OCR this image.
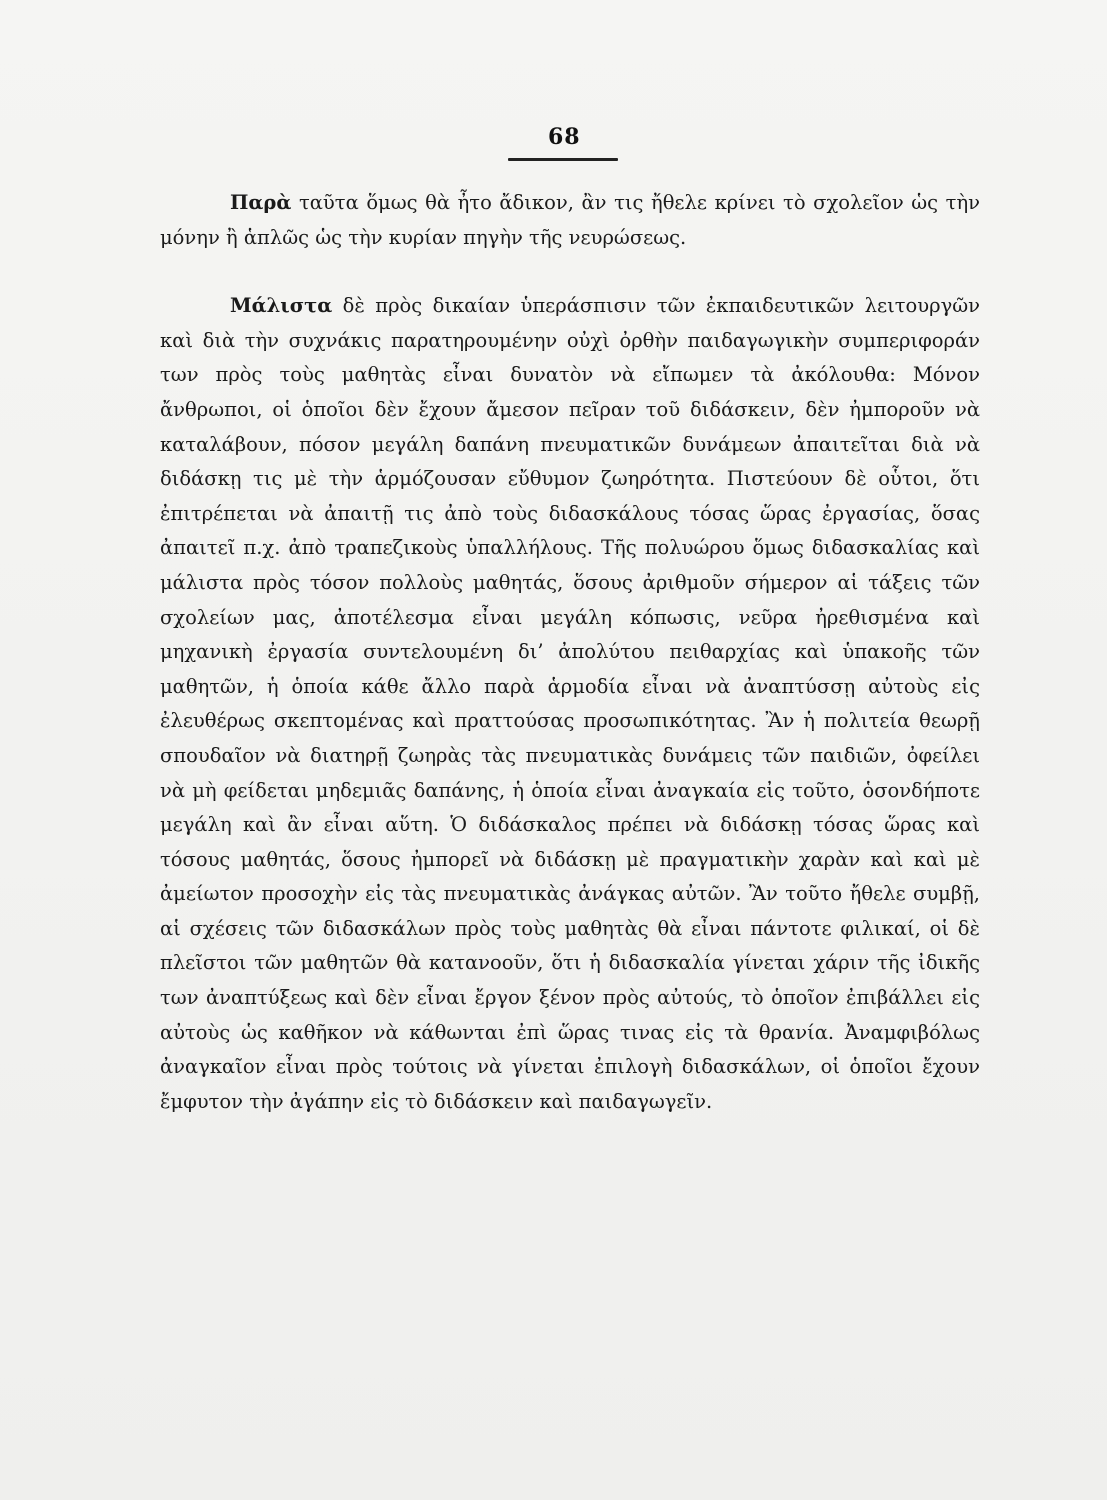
68

Παρὰ ταῦτα ὅμως θὰ ἦτο ἄδικον, ἂν τις ἤθελε κρίνει τὸ σχολεῖον ὡς τὴν μόνην ἢ ἁπλῶς ὡς τὴν κυρίαν πηγὴν τῆς νευρώσεως.

Μάλιστα δὲ πρὸς δικαίαν ὑπεράσπισιν τῶν ἐκπαιδευτικῶν λειτουργῶν καὶ διὰ τὴν συχνάκις παρατηρουμένην οὐχὶ ὀρθὴν παιδαγωγικὴν συμπεριφοράν των πρὸς τοὺς μαθητὰς εἶναι δυνατὸν νὰ εἴπωμεν τὰ ἀκόλουθα: Μόνον ἄνθρωποι, οἱ ὁποῖοι δὲν ἔχουν ἄμεσον πεῖραν τοῦ διδάσκειν, δὲν ἠμποροῦν νὰ καταλάβουν, πόσον μεγάλη δαπάνη πνευματικῶν δυνάμεων ἀπαιτεῖται διὰ νὰ διδάσκῃ τις μὲ τὴν ἁρμόζουσαν εὔθυμον ζωηρότητα. Πιστεύουν δὲ οὗτοι, ὅτι ἐπιτρέπεται νὰ ἀπαιτῇ τις ἀπὸ τοὺς διδασκάλους τόσας ὥρας ἐργασίας, ὅσας ἀπαιτεῖ π.χ. ἀπὸ τραπεζικοὺς ὑπαλλήλους. Τῆς πολυώρου ὅμως διδασκαλίας καὶ μάλιστα πρὸς τόσον πολλοὺς μαθητάς, ὅσους ἀριθμοῦν σήμερον αἱ τάξεις τῶν σχολείων μας, ἀποτέλεσμα εἶναι μεγάλη κόπωσις, νεῦρα ἠρεθισμένα καὶ μηχανικὴ ἐργασία συντελουμένη δι’ ἀπολύτου πειθαρχίας καὶ ὑπακοῆς τῶν μαθητῶν, ἡ ὁποία κάθε ἄλλο παρὰ ἁρμοδία εἶναι νὰ ἀναπτύσσῃ αὐτοὺς εἰς ἐλευθέρως σκεπτομένας καὶ πραττούσας προσωπικότητας. Ἂν ἡ πολιτεία θεωρῇ σπουδαῖον νὰ διατηρῇ ζωηρὰς τὰς πνευματικὰς δυνάμεις τῶν παιδιῶν, ὀφείλει νὰ μὴ φείδεται μηδεμιᾶς δαπάνης, ἡ ὁποία εἶναι ἀναγκαία εἰς τοῦτο, ὁσονδήποτε μεγάλη καὶ ἂν εἶναι αὕτη. Ὁ διδάσκαλος πρέπει νὰ διδάσκῃ τόσας ὥρας καὶ τόσους μαθητάς, ὅσους ἠμπορεῖ νὰ διδάσκῃ μὲ πραγματικὴν χαρὰν καὶ καὶ μὲ ἀμείωτον προσοχὴν εἰς τὰς πνευματικὰς ἀνάγκας αὐτῶν. Ἂν τοῦτο ἤθελε συμβῇ, αἱ σχέσεις τῶν διδασκάλων πρὸς τοὺς μαθητὰς θὰ εἶναι πάντοτε φιλικαί, οἱ δὲ πλεῖστοι τῶν μαθητῶν θὰ κατανοοῦν, ὅτι ἡ διδασκαλία γίνεται χάριν τῆς ἰδικῆς των ἀναπτύξεως καὶ δὲν εἶναι ἔργον ξένον πρὸς αὐτούς, τὸ ὁποῖον ἐπιβάλλει εἰς αὐτοὺς ὡς καθῆκον νὰ κάθωνται ἐπὶ ὥρας τινας εἰς τὰ θρανία. Ἀναμφιβόλως ἀναγκαῖον εἶναι πρὸς τούτοις νὰ γίνεται ἐπιλογὴ διδασκάλων, οἱ ὁποῖοι ἔχουν ἔμφυτον τὴν ἀγάπην εἰς τὸ διδάσκειν καὶ παιδαγωγεῖν.
